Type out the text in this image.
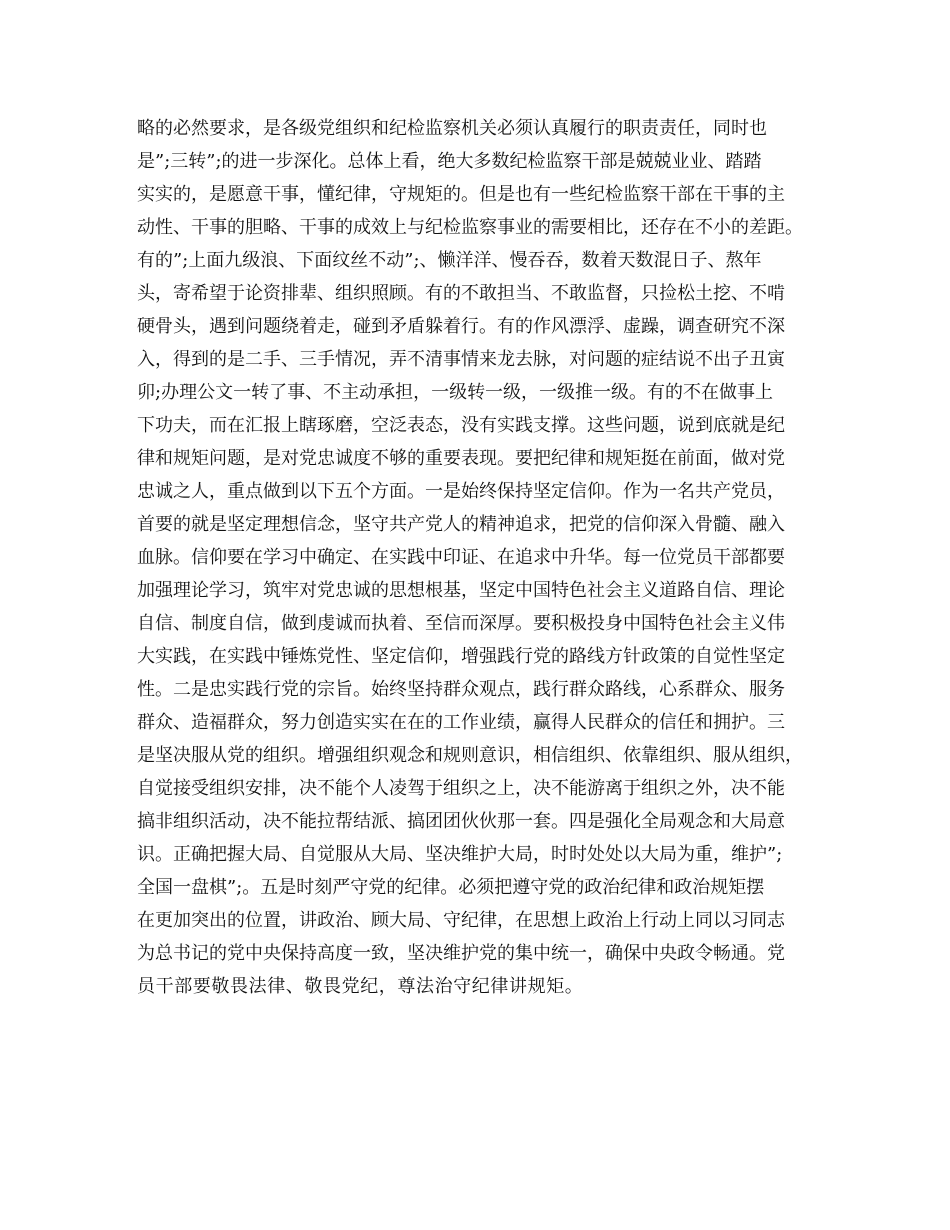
略的必然要求，是各级党组织和纪检监察机关必须认真履行的职责责任，同时也
是”;三转”;的进一步深化。总体上看，绝大多数纪检监察干部是兢兢业业、踏踏
实实的，是愿意干事，懂纪律，守规矩的。但是也有一些纪检监察干部在干事的主
动性、干事的胆略、干事的成效上与纪检监察事业的需要相比，还存在不小的差距。
有的”;上面九级浪、下面纹丝不动”;、懒洋洋、慢吞吞，数着天数混日子、熬年
头，寄希望于论资排辈、组织照顾。有的不敢担当、不敢监督，只捡松土挖、不啃
硬骨头，遇到问题绕着走，碰到矛盾躲着行。有的作风漂浮、虚躁，调查研究不深
入，得到的是二手、三手情况，弄不清事情来龙去脉，对问题的症结说不出子丑寅
卯;办理公文一转了事、不主动承担，一级转一级，一级推一级。有的不在做事上
下功夫，而在汇报上瞎琢磨，空泛表态，没有实践支撑。这些问题，说到底就是纪
律和规矩问题，是对党忠诚度不够的重要表现。要把纪律和规矩挺在前面，做对党
忠诚之人，重点做到以下五个方面。一是始终保持坚定信仰。作为一名共产党员，
首要的就是坚定理想信念，坚守共产党人的精神追求，把党的信仰深入骨髓、融入
血脉。信仰要在学习中确定、在实践中印证、在追求中升华。每一位党员干部都要
加强理论学习，筑牢对党忠诚的思想根基，坚定中国特色社会主义道路自信、理论
自信、制度自信，做到虔诚而执着、至信而深厚。要积极投身中国特色社会主义伟
大实践，在实践中锤炼党性、坚定信仰，增强践行党的路线方针政策的自觉性坚定
性。二是忠实践行党的宗旨。始终坚持群众观点，践行群众路线，心系群众、服务
群众、造福群众，努力创造实实在在的工作业绩，赢得人民群众的信任和拥护。三
是坚决服从党的组织。增强组织观念和规则意识，相信组织、依靠组织、服从组织，
自觉接受组织安排，决不能个人凌驾于组织之上，决不能游离于组织之外，决不能
搞非组织活动，决不能拉帮结派、搞团团伙伙那一套。四是强化全局观念和大局意
识。正确把握大局、自觉服从大局、坚决维护大局，时时处处以大局为重，维护”;
全国一盘棋”;。五是时刻严守党的纪律。必须把遵守党的政治纪律和政治规矩摆
在更加突出的位置，讲政治、顾大局、守纪律，在思想上政治上行动上同以习同志
为总书记的党中央保持高度一致，坚决维护党的集中统一，确保中央政令畅通。党
员干部要敬畏法律、敬畏党纪，尊法治守纪律讲规矩。
